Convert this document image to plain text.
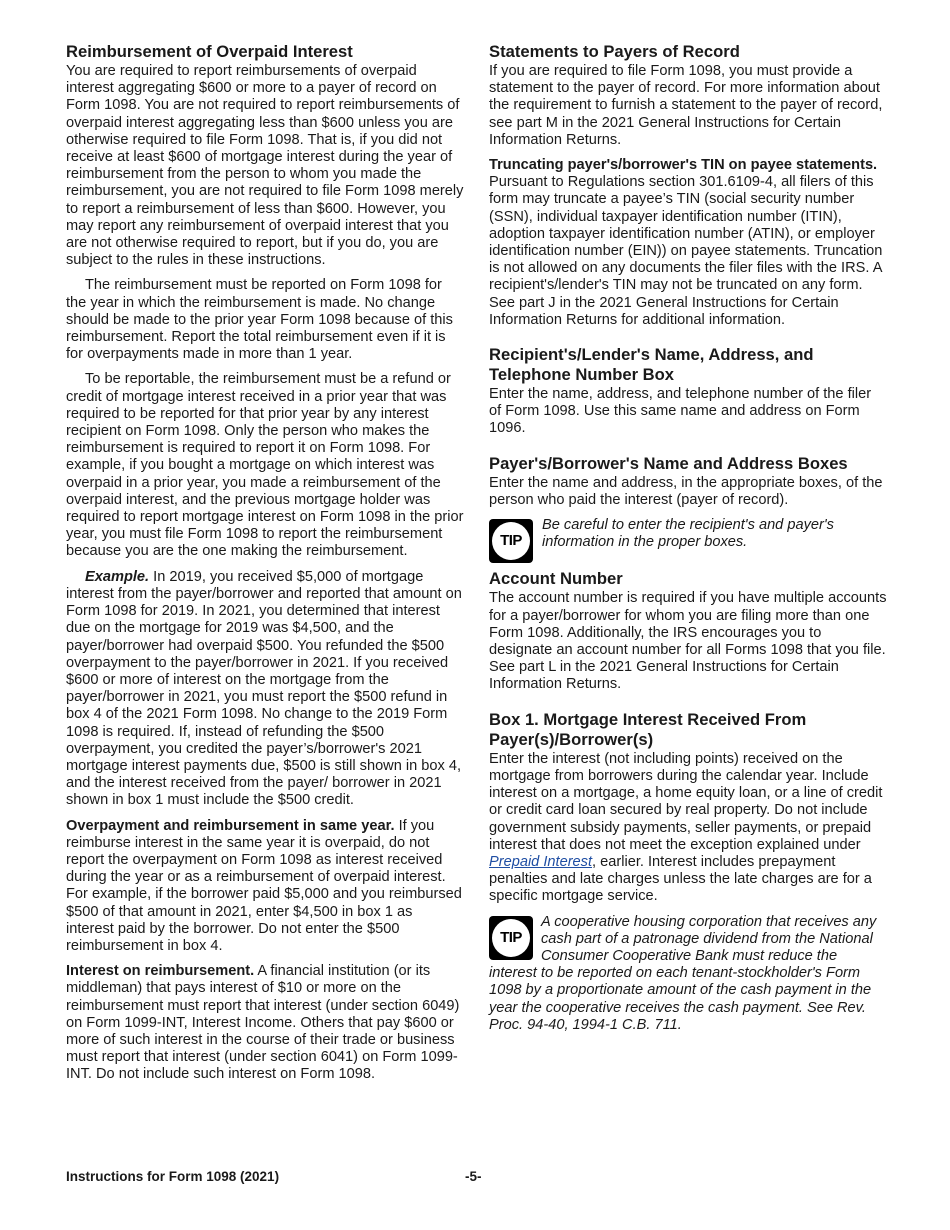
Reimbursement of Overpaid Interest

You are required to report reimbursements of overpaid interest aggregating $600 or more to a payer of record on Form 1098. You are not required to report reimbursements of overpaid interest aggregating less than $600 unless you are otherwise required to file Form 1098. That is, if you did not receive at least $600 of mortgage interest during the year of reimbursement from the person to whom you made the reimbursement, you are not required to file Form 1098 merely to report a reimbursement of less than $600. However, you may report any reimbursement of overpaid interest that you are not otherwise required to report, but if you do, you are subject to the rules in these instructions.

The reimbursement must be reported on Form 1098 for the year in which the reimbursement is made. No change should be made to the prior year Form 1098 because of this reimbursement. Report the total reimbursement even if it is for overpayments made in more than 1 year.

To be reportable, the reimbursement must be a refund or credit of mortgage interest received in a prior year that was required to be reported for that prior year by any interest recipient on Form 1098. Only the person who makes the reimbursement is required to report it on Form 1098. For example, if you bought a mortgage on which interest was overpaid in a prior year, you made a reimbursement of the overpaid interest, and the previous mortgage holder was required to report mortgage interest on Form 1098 in the prior year, you must file Form 1098 to report the reimbursement because you are the one making the reimbursement.

Example. In 2019, you received $5,000 of mortgage interest from the payer/borrower and reported that amount on Form 1098 for 2019. In 2021, you determined that interest due on the mortgage for 2019 was $4,500, and the payer/borrower had overpaid $500. You refunded the $500 overpayment to the payer/borrower in 2021. If you received $600 or more of interest on the mortgage from the payer/borrower in 2021, you must report the $500 refund in box 4 of the 2021 Form 1098. No change to the 2019 Form 1098 is required. If, instead of refunding the $500 overpayment, you credited the payer’s/borrower's 2021 mortgage interest payments due, $500 is still shown in box 4, and the interest received from the payer/ borrower in 2021 shown in box 1 must include the $500 credit.

Overpayment and reimbursement in same year. If you reimburse interest in the same year it is overpaid, do not report the overpayment on Form 1098 as interest received during the year or as a reimbursement of overpaid interest. For example, if the borrower paid $5,000 and you reimbursed $500 of that amount in 2021, enter $4,500 in box 1 as interest paid by the borrower. Do not enter the $500 reimbursement in box 4.

Interest on reimbursement. A financial institution (or its middleman) that pays interest of $10 or more on the reimbursement must report that interest (under section 6049) on Form 1099-INT, Interest Income. Others that pay $600 or more of such interest in the course of their trade or business must report that interest (under section 6041) on Form 1099-INT. Do not include such interest on Form 1098.

Statements to Payers of Record

If you are required to file Form 1098, you must provide a statement to the payer of record. For more information about the requirement to furnish a statement to the payer of record, see part M in the 2021 General Instructions for Certain Information Returns.

Truncating payer's/borrower's TIN on payee statements. Pursuant to Regulations section 301.6109-4, all filers of this form may truncate a payee’s TIN (social security number (SSN), individual taxpayer identification number (ITIN), adoption taxpayer identification number (ATIN), or employer identification number (EIN)) on payee statements. Truncation is not allowed on any documents the filer files with the IRS. A recipient's/lender's TIN may not be truncated on any form. See part J in the 2021 General Instructions for Certain Information Returns for additional information.

Recipient's/Lender's Name, Address, and Telephone Number Box

Enter the name, address, and telephone number of the filer of Form 1098. Use this same name and address on Form 1096.

Payer's/Borrower's Name and Address Boxes

Enter the name and address, in the appropriate boxes, of the person who paid the interest (payer of record).

TIP
Be careful to enter the recipient's and payer's information in the proper boxes.
Account Number

The account number is required if you have multiple accounts for a payer/borrower for whom you are filing more than one Form 1098. Additionally, the IRS encourages you to designate an account number for all Forms 1098 that you file. See part L in the 2021 General Instructions for Certain Information Returns.

Box 1. Mortgage Interest Received From Payer(s)/Borrower(s)

Enter the interest (not including points) received on the mortgage from borrowers during the calendar year. Include interest on a mortgage, a home equity loan, or a line of credit or credit card loan secured by real property. Do not include government subsidy payments, seller payments, or prepaid interest that does not meet the exception explained under Prepaid Interest, earlier. Interest includes prepayment penalties and late charges unless the late charges are for a specific mortgage service.

TIP
A cooperative housing corporation that receives any cash part of a patronage dividend from the National Consumer Cooperative Bank must reduce the interest to be reported on each tenant-stockholder's Form 1098 by a proportionate amount of the cash payment in the year the cooperative receives the cash payment. See Rev. Proc. 94-40, 1994-1 C.B. 711.
Instructions for Form 1098 (2021)	-5-
